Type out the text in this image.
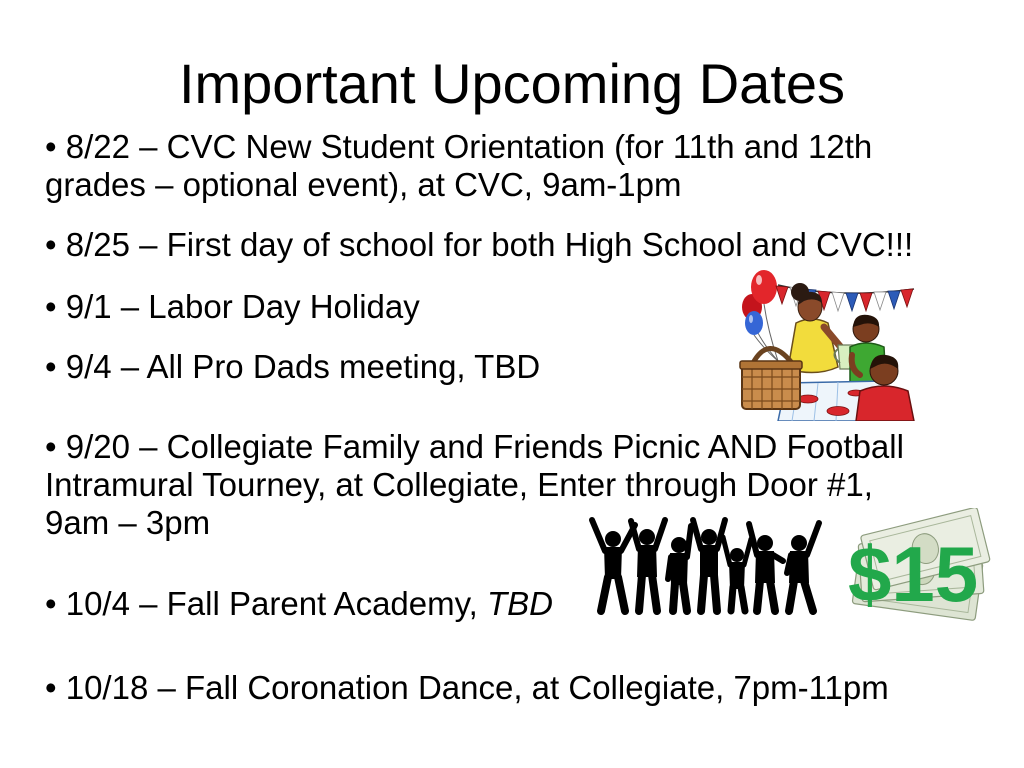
Important Upcoming Dates
• 8/22 – CVC New Student Orientation (for 11th and 12th
grades – optional event), at CVC, 9am-1pm
• 8/25 – First day of school for both High School and CVC!!!
• 9/1 – Labor Day Holiday
• 9/4 – All Pro Dads meeting, TBD
• 9/20 – Collegiate Family and Friends Picnic AND Football
Intramural Tourney, at Collegiate, Enter through Door #1,
9am – 3pm
• 10/4 – Fall Parent Academy, TBD
• 10/18 – Fall Coronation Dance, at Collegiate, 7pm-11pm
$15
